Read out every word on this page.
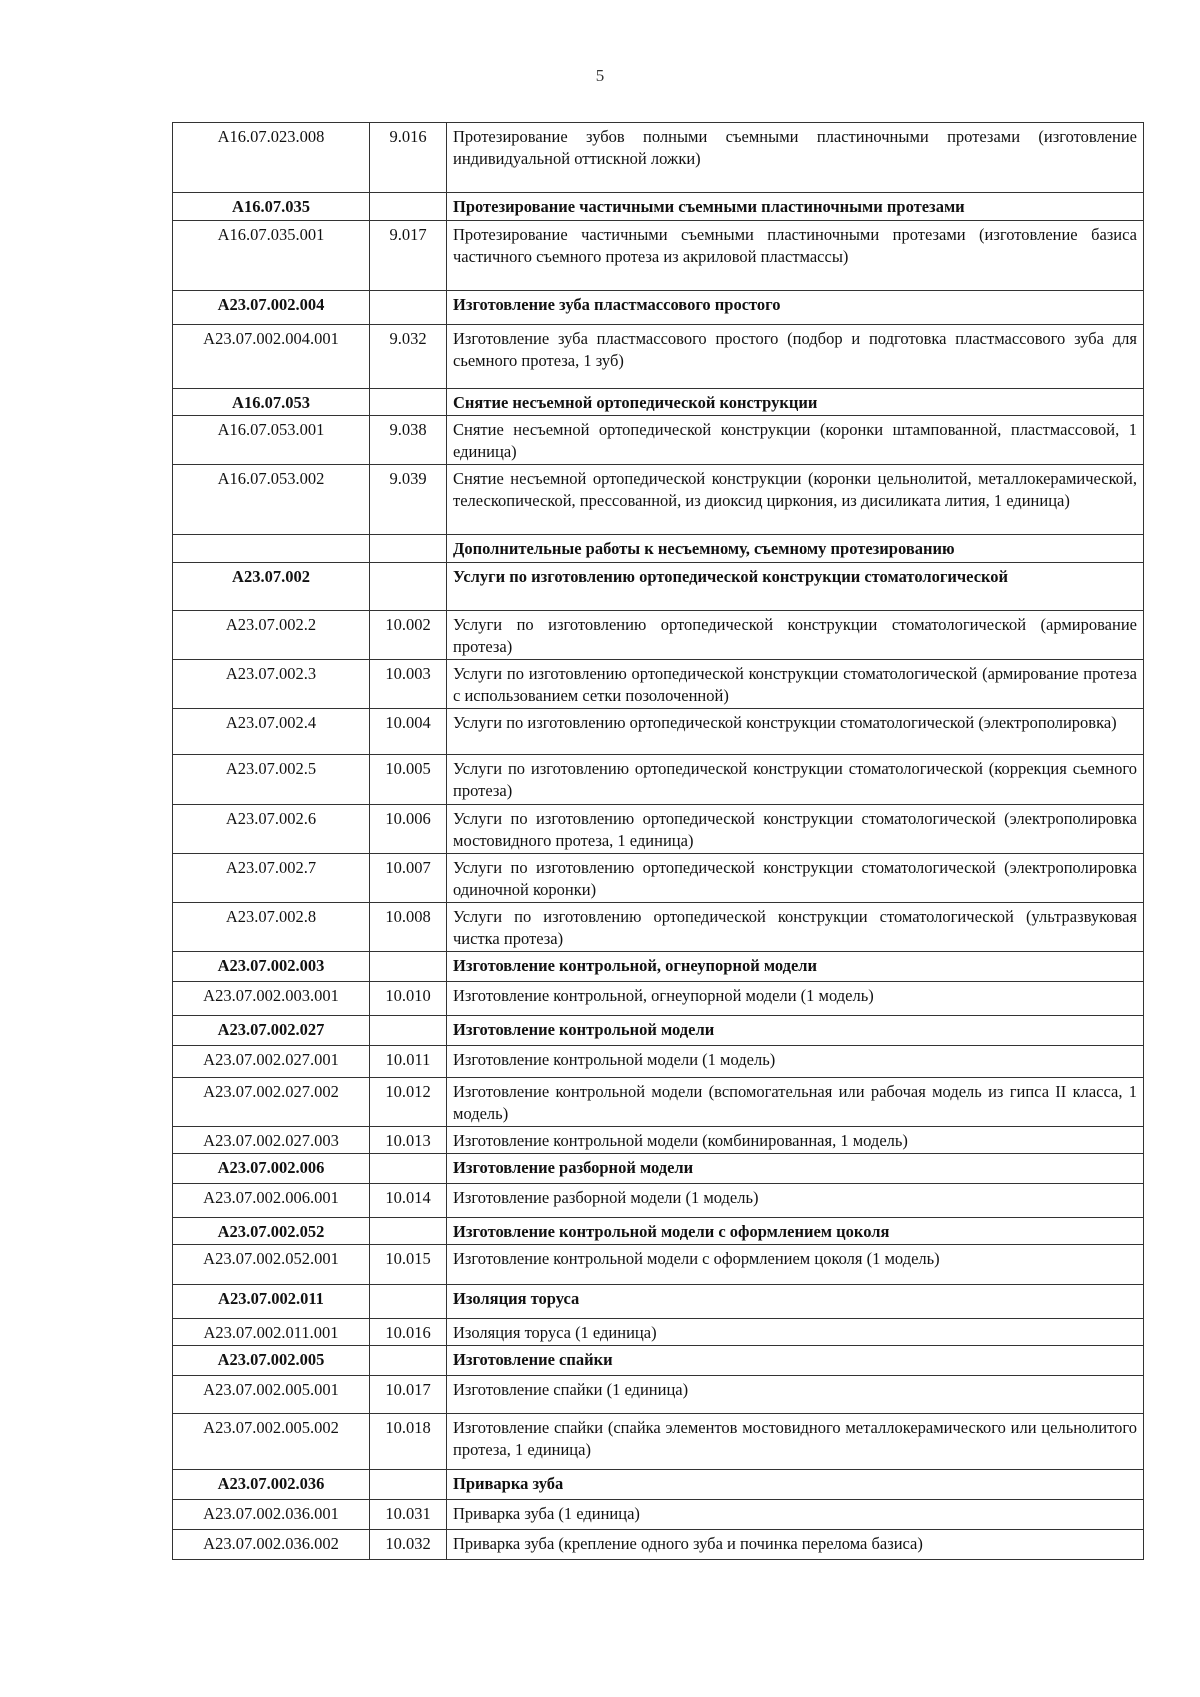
5
A16.07.023.008	9.016	Протезирование зубов полными съемными пластиночными протезами (изготовление индивидуальной оттискной ложки)
A16.07.035		Протезирование частичными съемными пластиночными протезами
A16.07.035.001	9.017	Протезирование частичными съемными пластиночными протезами (изготовление базиса частичного съемного протеза из акриловой пластмассы)
A23.07.002.004		Изготовление зуба пластмассового простого
A23.07.002.004.001	9.032	Изготовление зуба пластмассового простого (подбор и подготовка пластмассового зуба для сьемного протеза, 1 зуб)
A16.07.053		Снятие несъемной ортопедической конструкции
A16.07.053.001	9.038	Снятие несъемной ортопедической конструкции (коронки штампованной, пластмассовой, 1 единица)
A16.07.053.002	9.039	Снятие несъемной ортопедической конструкции (коронки цельнолитой, металлокерамической, телескопической, прессованной, из диоксид циркония, из дисиликата лития, 1 единица)
		Дополнительные работы к несъемному, съемному протезированию
A23.07.002		Услуги по изготовлению ортопедической конструкции стоматологической
A23.07.002.2	10.002	Услуги по изготовлению ортопедической конструкции стоматологической (армирование протеза)
A23.07.002.3	10.003	Услуги по изготовлению ортопедической конструкции стоматологической (армирование протеза с использованием сетки позолоченной)
A23.07.002.4	10.004	Услуги по изготовлению ортопедической конструкции стоматологической (электрополировка)
A23.07.002.5	10.005	Услуги по изготовлению ортопедической конструкции стоматологической (коррекция сьемного протеза)
A23.07.002.6	10.006	Услуги по изготовлению ортопедической конструкции стоматологической (электрополировка мостовидного протеза, 1 единица)
A23.07.002.7	10.007	Услуги по изготовлению ортопедической конструкции стоматологической (электрополировка одиночной коронки)
A23.07.002.8	10.008	Услуги по изготовлению ортопедической конструкции стоматологической (ультразвуковая чистка протеза)
A23.07.002.003		Изготовление контрольной, огнеупорной модели
A23.07.002.003.001	10.010	Изготовление контрольной, огнеупорной модели (1 модель)
A23.07.002.027		Изготовление контрольной модели
A23.07.002.027.001	10.011	Изготовление контрольной модели (1 модель)
A23.07.002.027.002	10.012	Изготовление контрольной модели (вспомогательная или рабочая модель из гипса II класса, 1 модель)
A23.07.002.027.003	10.013	Изготовление контрольной модели (комбинированная, 1 модель)
A23.07.002.006		Изготовление разборной модели
A23.07.002.006.001	10.014	Изготовление разборной модели (1 модель)
A23.07.002.052		Изготовление контрольной модели с оформлением цоколя
A23.07.002.052.001	10.015	Изготовление контрольной модели с оформлением цоколя (1 модель)
A23.07.002.011		Изоляция торуса
A23.07.002.011.001	10.016	Изоляция торуса (1 единица)
A23.07.002.005		Изготовление спайки
A23.07.002.005.001	10.017	Изготовление спайки (1 единица)
A23.07.002.005.002	10.018	Изготовление спайки (спайка элементов мостовидного металлокерамического или цельнолитого протеза, 1 единица)
A23.07.002.036		Приварка зуба
A23.07.002.036.001	10.031	Приварка зуба (1 единица)
A23.07.002.036.002	10.032	Приварка зуба (крепление одного зуба и починка перелома базиса)
